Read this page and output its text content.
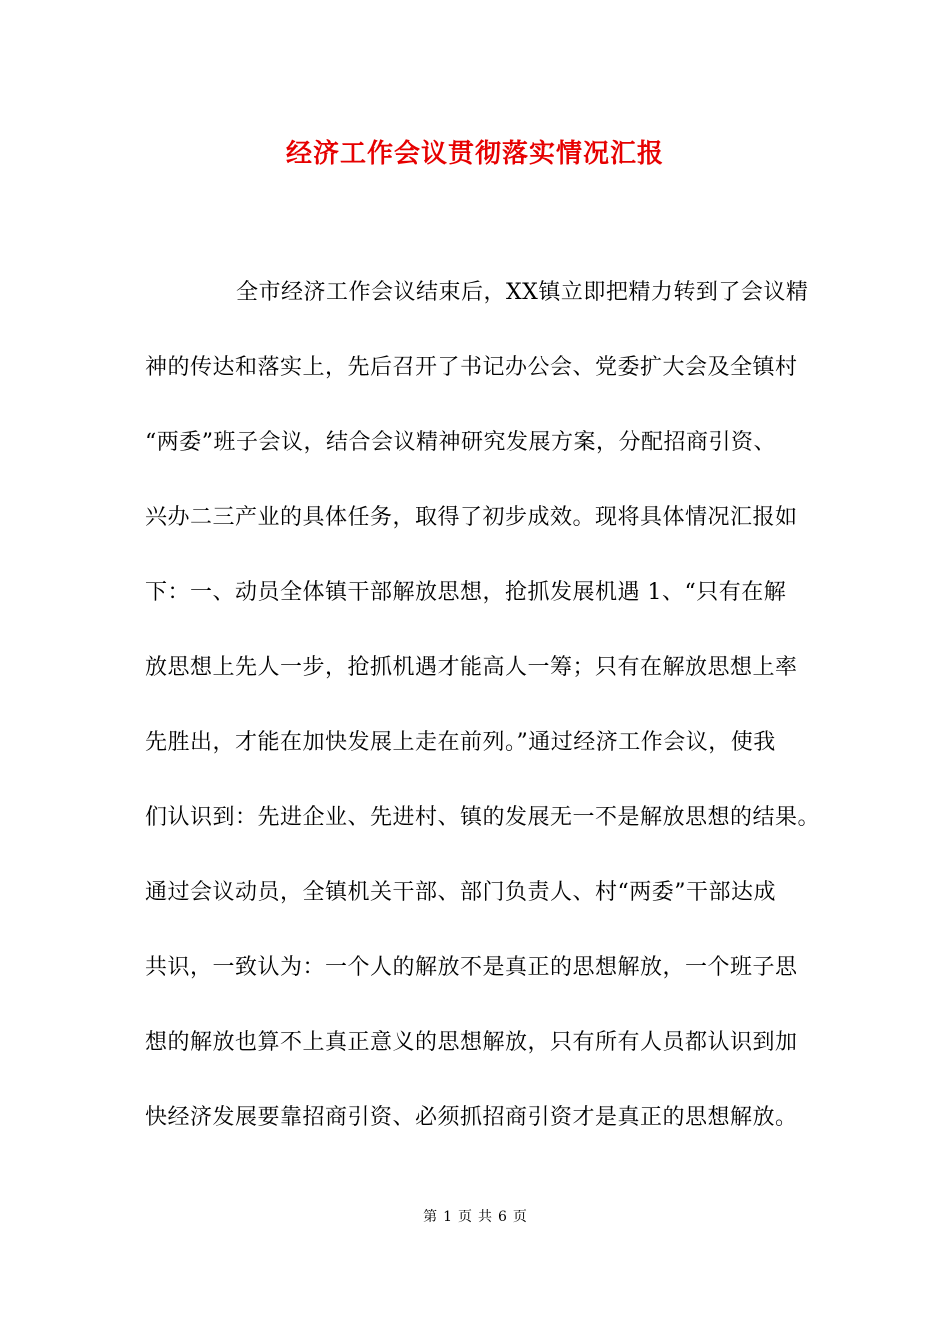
经济工作会议贯彻落实情况汇报
全市经济工作会议结束后，XX镇立即把精力转到了会议精
神的传达和落实上，先后召开了书记办公会、党委扩大会及全镇村
“两委”班子会议，结合会议精神研究发展方案，分配招商引资、
兴办二三产业的具体任务，取得了初步成效。现将具体情况汇报如
下：一、动员全体镇干部解放思想，抢抓发展机遇 1、“只有在解
放思想上先人一步，抢抓机遇才能高人一筹；只有在解放思想上率
先胜出，才能在加快发展上走在前列。”通过经济工作会议，使我
们认识到：先进企业、先进村、镇的发展无一不是解放思想的结果。
通过会议动员，全镇机关干部、部门负责人、村“两委”干部达成
共识，一致认为：一个人的解放不是真正的思想解放，一个班子思
想的解放也算不上真正意义的思想解放，只有所有人员都认识到加
快经济发展要靠招商引资、必须抓招商引资才是真正的思想解放。
第 1 页 共 6 页
